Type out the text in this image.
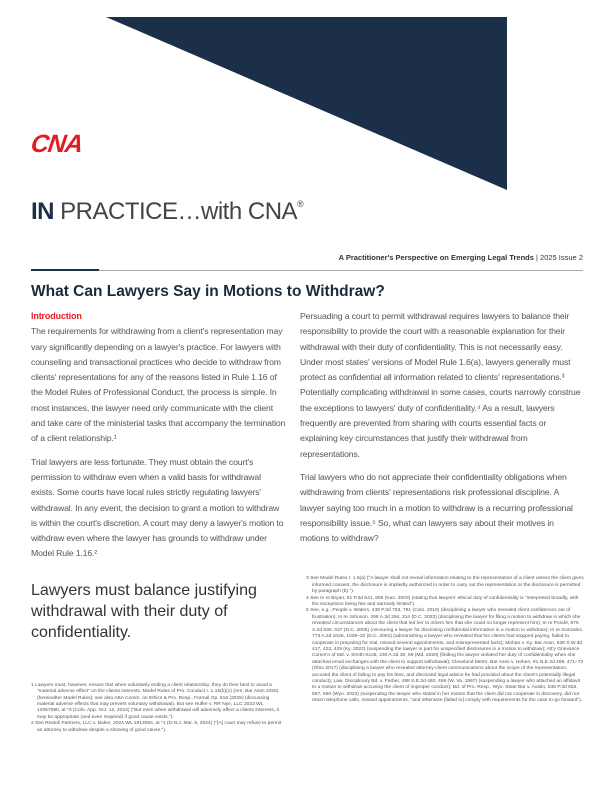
CNA
IN PRACTICE…with CNA®
A Practitioner's Perspective on Emerging Legal Trends | 2025 Issue 2
What Can Lawyers Say in Motions to Withdraw?
Introduction

The requirements for withdrawing from a client's representation may vary significantly depending on a lawyer's practice. For lawyers with counseling and transactional practices who decide to withdraw from clients' representations for any of the reasons listed in Rule 1.16 of the Model Rules of Professional Conduct, the process is simple. In most instances, the lawyer need only communicate with the client and take care of the ministerial tasks that accompany the termination of a client relationship.¹

Trial lawyers are less fortunate. They must obtain the court's permission to withdraw even when a valid basis for withdrawal exists. Some courts have local rules strictly regulating lawyers' withdrawal. In any event, the decision to grant a motion to withdraw is within the court's discretion. A court may deny a lawyer's motion to withdraw even where the lawyer has grounds to withdraw under Model Rule 1.16.²

Lawyers must balance justifying withdrawal with their duty of confidentiality.
1 Lawyers must, however, ensure that when voluntarily ending a client relationship, they do their best to avoid a "material adverse effect" on the clients interests. Model Rules of Pro. Conduct r. 1.16(b)(1) (Am. Bar Assn 2025) (hereinafter Model Rules); see also ABA Comm. on Ethics & Pro. Resp., Formal Op. 516 (2025) (discussing material adverse effects that may prevent voluntary withdrawal). But see Hufler v. RR Nye, LLC 2023 WL 12057080, at *3 (Colo. App. Oct. 12, 2023) ("But even when withdrawal will adversely affect a clients interests, it may be appropriate (and even required) if good cause exists.").
2 See Restoli Partners, LLC v. Baker, 2024 WL 1913084, at *1 (D.N.J. Mar. 6, 2024) ("[A] court may refuse to permit an attorney to withdraw despite a showing of good cause.").

Persuading a court to permit withdrawal requires lawyers to balance their responsibility to provide the court with a reasonable explanation for their withdrawal with their duty of confidentiality. This is not necessarily easy. Under most states' versions of Model Rule 1.6(a), lawyers generally must protect as confidential all information related to clients' representations.³ Potentially complicating withdrawal in some cases, courts narrowly construe the exceptions to lawyers' duty of confidentiality.⁴ As a result, lawyers frequently are prevented from sharing with courts essential facts or explaining key circumstances that justify their withdrawal from representations.

Trial lawyers who do not appreciate their confidentiality obligations when withdrawing from clients' representations risk professional discipline. A lawyer saying too much in a motion to withdraw is a recurring professional responsibility issue.⁵ So, what can lawyers say about their motives in motions to withdraw?

3 See Model Rules r. 1.6(a) ("A lawyer shall not reveal information relating to the representation of a client unless the client gives informed consent, the disclosure is impliedly authorized in order to carry out the representation or the disclosure is permitted by paragraph (b).").
4 See In re Bryan, 61 P.3d 641, 656 (Kan. 2003) (stating that lawyers' ethical duty of confidentiality is "interpreted broadly, with the exceptions being few and narrowly limited").
5 See, e.g., People v. Waters, 438 P.3d 753, 761 (Colo. 2019) (disciplining a lawyer who revealed client confidences out of frustration); In re Johnson, 298 A.3d 294, 314 (D.C. 2023) (disciplining the lawyer for filing a motion to withdraw in which she revealed circumstances about the client that led her to inform him that she could no longer represent him); In re Pondé, 876 A.2d 636, 637 (D.C. 2005) (censuring a lawyer for disclosing confidential information in a motion to withdraw); In re Gonzalez, 773 A.2d 1026, 1029–32 (D.C. 2001) (admonishing a lawyer who revealed that his clients had stopped paying, failed to cooperate in preparing for trial, missed several appointments, and misrepresented facts); Mohan v. Ky. Bar Assn, 638 S.W.3d 417, 422, 429 (Ky. 2022) (suspending the lawyer in part for unspecified disclosures in a motion to withdraw); Att'y Grievance Comm'n of Md. v. Smith-Scott, 230 A.3d 30, 69 (Md. 2020) (finding the lawyer violated her duty of confidentiality when she attached email exchanges with the client to support withdrawal); Cleveland Metro. Bar Assn v. Heben, 81 N.E.3d 469, 471–72 (Ohio 2017) (disciplining a lawyer who revealed attorney-client communications about the scope of the representation, accused the client of failing to pay his fees, and disclosed legal advice he had provided about the client's potentially illegal conduct); Law. Disciplinary Bd. v. Farber, 488 S.E.2d 460, 466 (W. Va. 1997) (suspending a lawyer who attached an affidavit to a motion to withdraw accusing the client of improper conduct); Bd. of Pro. Resp., Wyo. State Bar v. Austin, 538 P.3d 653, 657, 660 (Wyo. 2023) (suspending the lawyer who stated in her motion that the client did not cooperate in discovery, did not return telephone calls, missed appointments, "and otherwise [failed to] comply with requirements for the case to go forward").
